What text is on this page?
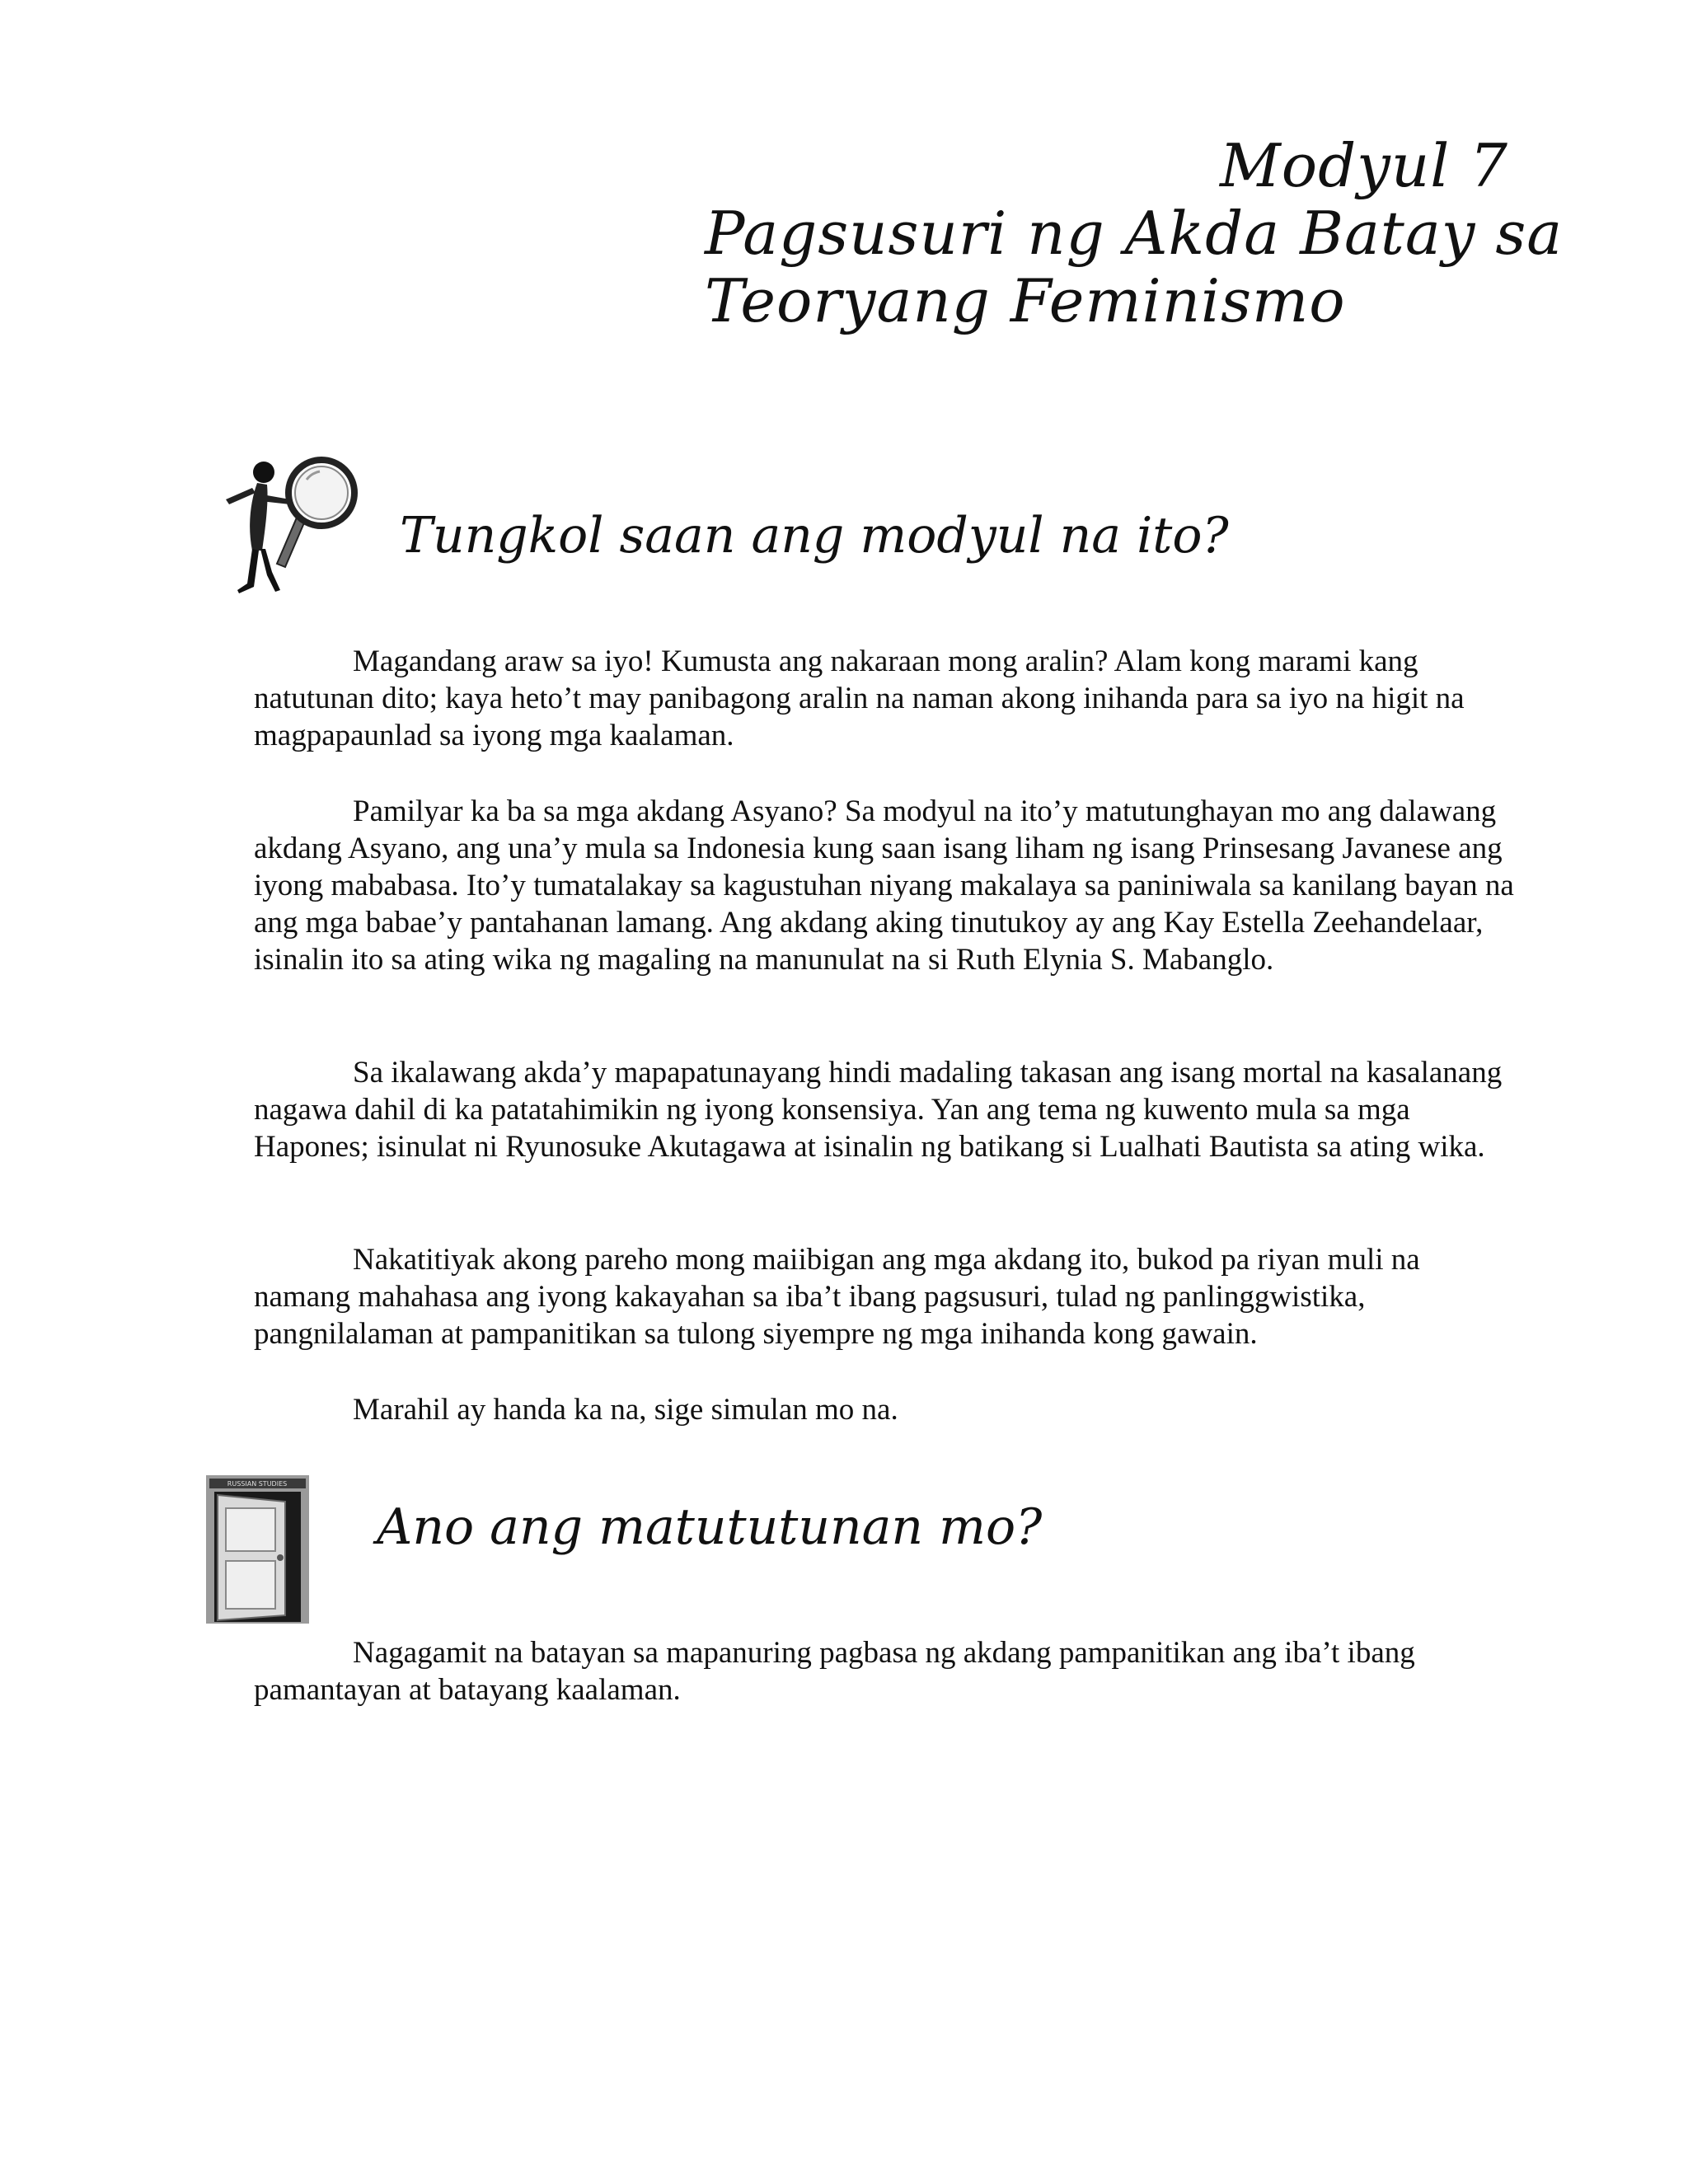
Modyul 7
Pagsusuri ng Akda Batay sa
Teoryang Feminismo
Tungkol saan ang modyul na ito?

Magandang araw sa iyo! Kumusta ang nakaraan mong aralin? Alam kong marami kang natutunan dito; kaya heto’t may panibagong aralin na naman akong inihanda para sa iyo na higit na magpapaunlad sa iyong mga kaalaman.

Pamilyar ka ba sa mga akdang Asyano? Sa modyul na ito’y matutunghayan mo ang dalawang akdang Asyano, ang una’y mula sa Indonesia kung saan isang liham ng isang Prinsesang Javanese ang iyong mababasa. Ito’y tumatalakay sa kagustuhan niyang makalaya sa paniniwala sa kanilang bayan na ang mga babae’y pantahanan lamang. Ang akdang aking tinutukoy ay ang Kay Estella Zeehandelaar, isinalin ito sa ating wika ng magaling na manunulat na si Ruth Elynia S. Mabanglo.

Sa ikalawang akda’y mapapatunayang hindi madaling takasan ang isang mortal na kasalanang nagawa dahil di ka patatahimikin ng iyong konsensiya. Yan ang tema ng kuwento mula sa mga Hapones; isinulat ni Ryunosuke Akutagawa at isinalin ng batikang si Lualhati Bautista sa ating wika.

Nakatitiyak akong pareho mong maiibigan ang mga akdang ito, bukod pa riyan muli na namang mahahasa ang iyong kakayahan sa iba’t ibang pagsusuri, tulad ng panlinggwistika, pangnilalaman at pampanitikan sa tulong siyempre ng mga inihanda kong gawain.

Marahil ay handa ka na, sige simulan mo na.

RUSSIAN STUDIES
Ano ang matututunan mo?

Nagagamit na batayan sa mapanuring pagbasa ng akdang pampanitikan ang iba’t ibang pamantayan at batayang kaalaman.
